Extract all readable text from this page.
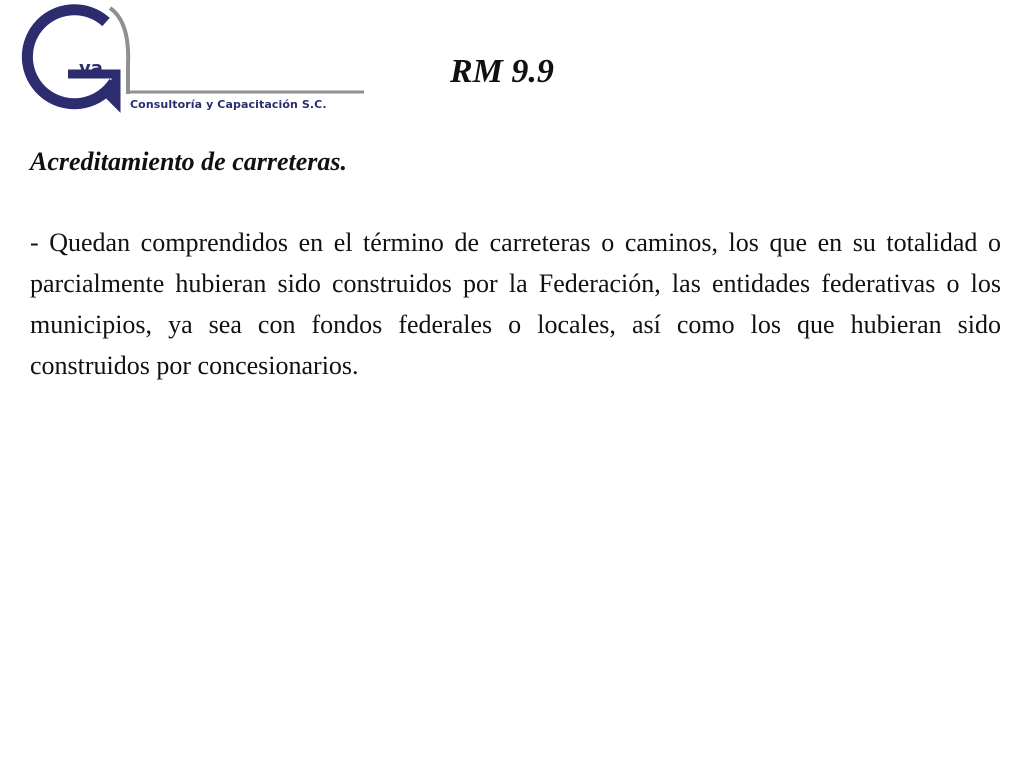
va
Consultoría y Capacitación S.C.
RM 9.9
Acreditamiento de carreteras.

- Quedan comprendidos en el término de carreteras o caminos, los que en su totalidad o parcialmente hubieran sido construidos por la Federación, las entidades federativas o los municipios, ya sea con fondos federales o locales, así como los que hubieran sido construidos por concesionarios.
